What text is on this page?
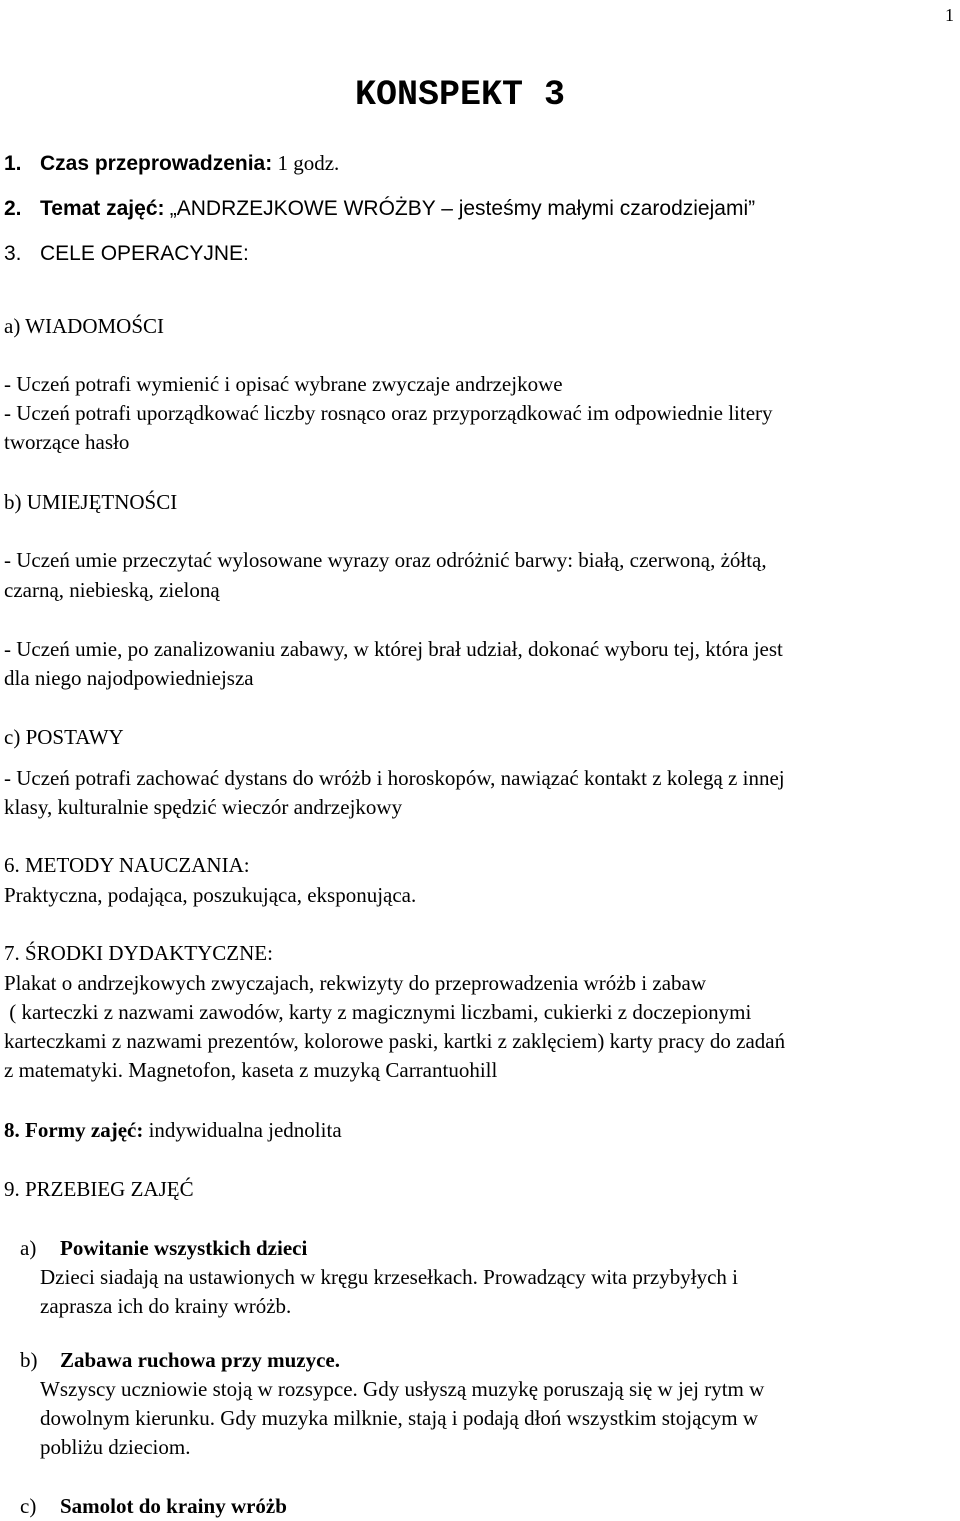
1
KONSPEKT 3
1. Czas przeprowadzenia: 1 godz.
2. Temat zajęć: „ANDRZEJKOWE WRÓŻBY – jesteśmy małymi czarodziejami”
3. CELE OPERACYJNE:
a) WIADOMOŚCI
- Uczeń potrafi wymienić i opisać wybrane zwyczaje andrzejkowe
- Uczeń potrafi uporządkować liczby rosnąco oraz przyporządkować im odpowiednie litery
tworzące hasło
b) UMIEJĘTNOŚCI
- Uczeń umie przeczytać wylosowane wyrazy oraz odróżnić barwy: białą, czerwoną, żółtą,
czarną, niebieską, zieloną
- Uczeń umie, po zanalizowaniu zabawy, w której brał udział, dokonać wyboru tej, która jest
dla niego najodpowiedniejsza
c) POSTAWY
- Uczeń potrafi zachować dystans do wróżb i horoskopów, nawiązać kontakt z kolegą z innej
klasy, kulturalnie spędzić wieczór andrzejkowy
6. METODY NAUCZANIA:
Praktyczna, podająca, poszukująca, eksponująca.
7. ŚRODKI DYDAKTYCZNE:
Plakat o andrzejkowych zwyczajach, rekwizyty do przeprowadzenia wróżb i zabaw
( karteczki z nazwami zawodów, karty z magicznymi liczbami, cukierki z doczepionymi
karteczkami z nazwami prezentów, kolorowe paski, kartki z zaklęciem) karty pracy do zadań
z matematyki. Magnetofon, kaseta z muzyką Carrantuohill
8. Formy zajęć: indywidualna jednolita
9. PRZEBIEG ZAJĘĆ
a) Powitanie wszystkich dzieci
Dzieci siadają na ustawionych w kręgu krzesełkach. Prowadzący wita przybyłych i
zaprasza ich do krainy wróżb.
b) Zabawa ruchowa przy muzyce.
Wszyscy uczniowie stoją w rozsypce. Gdy usłyszą muzykę poruszają się w jej rytm w
dowolnym kierunku. Gdy muzyka milknie, stają i podają dłoń wszystkim stojącym w
pobliżu dzieciom.
c) Samolot do krainy wróżb
